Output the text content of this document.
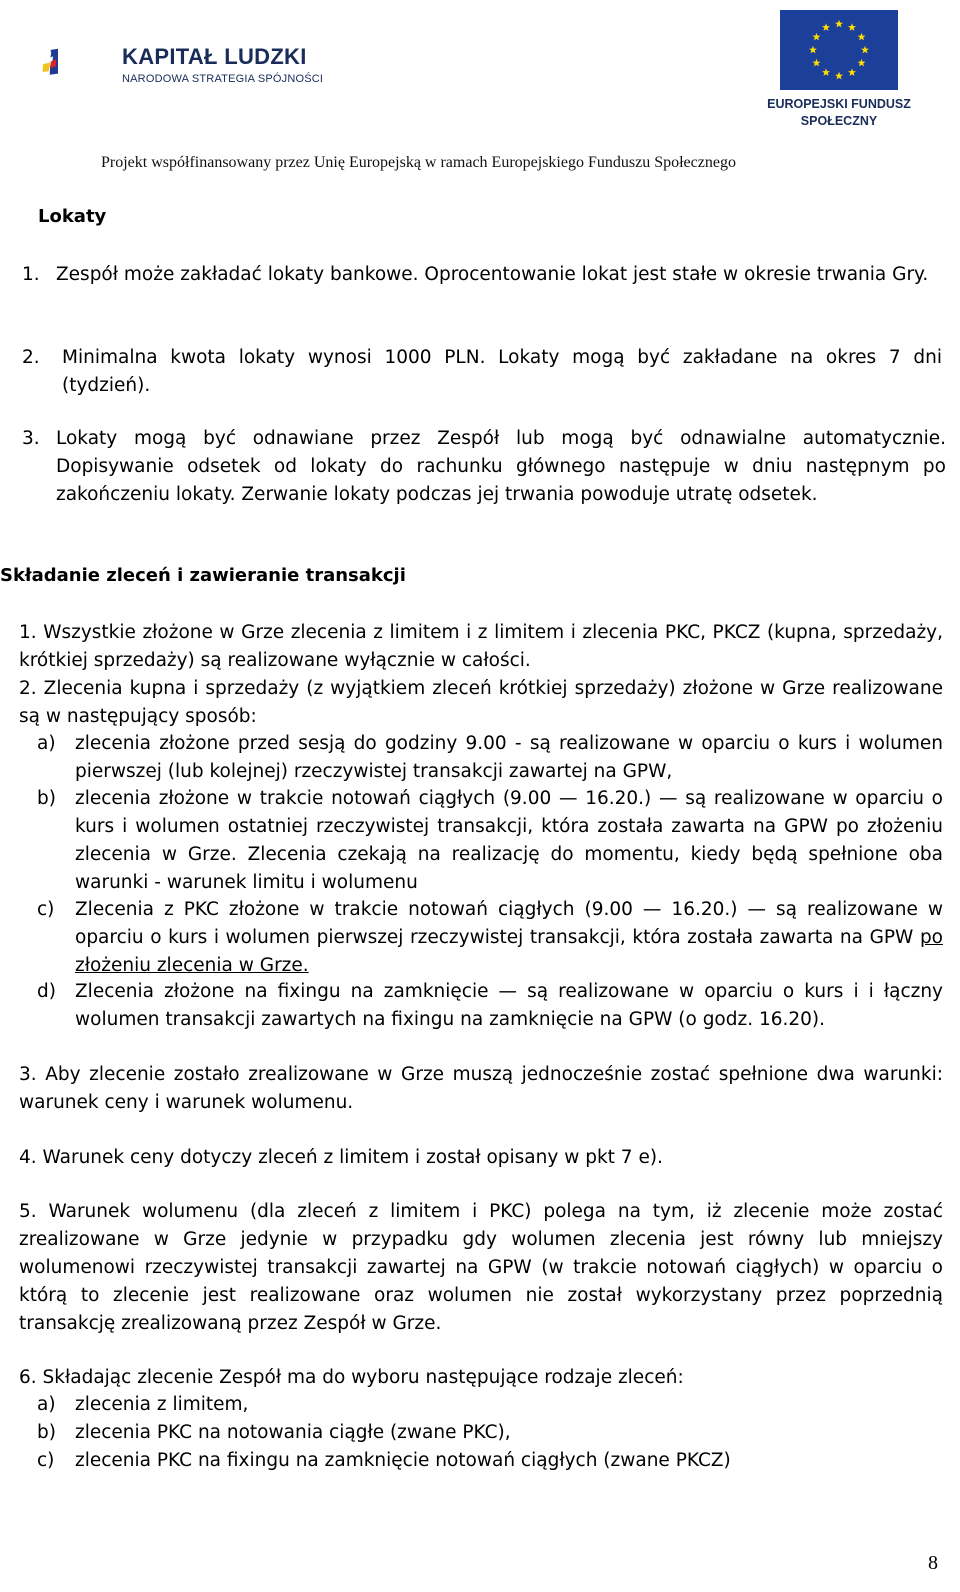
KAPITAŁ LUDZKI
NARODOWA STRATEGIA SPÓJNOŚCI
EUROPEJSKI FUNDUSZ
SPOŁECZNY
Projekt współfinansowany przez Unię Europejską w ramach Europejskiego Funduszu Społecznego
Lokaty
1. Zespół może zakładać lokaty bankowe. Oprocentowanie lokat jest stałe w okresie trwania Gry.
2. Minimalna kwota lokaty wynosi 1000 PLN. Lokaty mogą być zakładane na okres 7 dni (tydzień).
3. Lokaty mogą być odnawiane przez Zespół lub mogą być odnawialne automatycznie. Dopisywanie odsetek od lokaty do rachunku głównego następuje w dniu następnym po zakończeniu lokaty. Zerwanie lokaty podczas jej trwania powoduje utratę odsetek.
Składanie zleceń i zawieranie transakcji
1. Wszystkie złożone w Grze zlecenia z limitem i z limitem i zlecenia PKC, PKCZ (kupna, sprzedaży, krótkiej sprzedaży) są realizowane wyłącznie w całości.
2. Zlecenia kupna i sprzedaży (z wyjątkiem zleceń krótkiej sprzedaży) złożone w Grze realizowane są w następujący sposób:
a) zlecenia złożone przed sesją do godziny 9.00 - są realizowane w oparciu o kurs i wolumen pierwszej (lub kolejnej) rzeczywistej transakcji zawartej na GPW,
b) zlecenia złożone w trakcie notowań ciągłych (9.00 — 16.20.) — są realizowane w oparciu o kurs i wolumen ostatniej rzeczywistej transakcji, która została zawarta na GPW po złożeniu zlecenia w Grze. Zlecenia czekają na realizację do momentu, kiedy będą spełnione oba warunki - warunek limitu i wolumenu
c) Zlecenia z PKC złożone w trakcie notowań ciągłych (9.00 — 16.20.) — są realizowane w oparciu o kurs i wolumen pierwszej rzeczywistej transakcji, która została zawarta na GPW po złożeniu zlecenia w Grze.
d) Zlecenia złożone na fixingu na zamknięcie — są realizowane w oparciu o kurs i i łączny wolumen transakcji zawartych na fixingu na zamknięcie na GPW (o godz. 16.20).
3. Aby zlecenie zostało zrealizowane w Grze muszą jednocześnie zostać spełnione dwa warunki: warunek ceny i warunek wolumenu.
4. Warunek ceny dotyczy zleceń z limitem i został opisany w pkt 7 e).
5. Warunek wolumenu (dla zleceń z limitem i PKC) polega na tym, iż zlecenie może zostać zrealizowane w Grze jedynie w przypadku gdy wolumen zlecenia jest równy lub mniejszy wolumenowi rzeczywistej transakcji zawartej na GPW (w trakcie notowań ciągłych) w oparciu o którą to zlecenie jest realizowane oraz wolumen nie został wykorzystany przez poprzednią transakcję zrealizowaną przez Zespół w Grze.
6. Składając zlecenie Zespół ma do wyboru następujące rodzaje zleceń:
a) zlecenia z limitem,
b) zlecenia PKC na notowania ciągłe (zwane PKC),
c) zlecenia PKC na fixingu na zamknięcie notowań ciągłych (zwane PKCZ)
8
